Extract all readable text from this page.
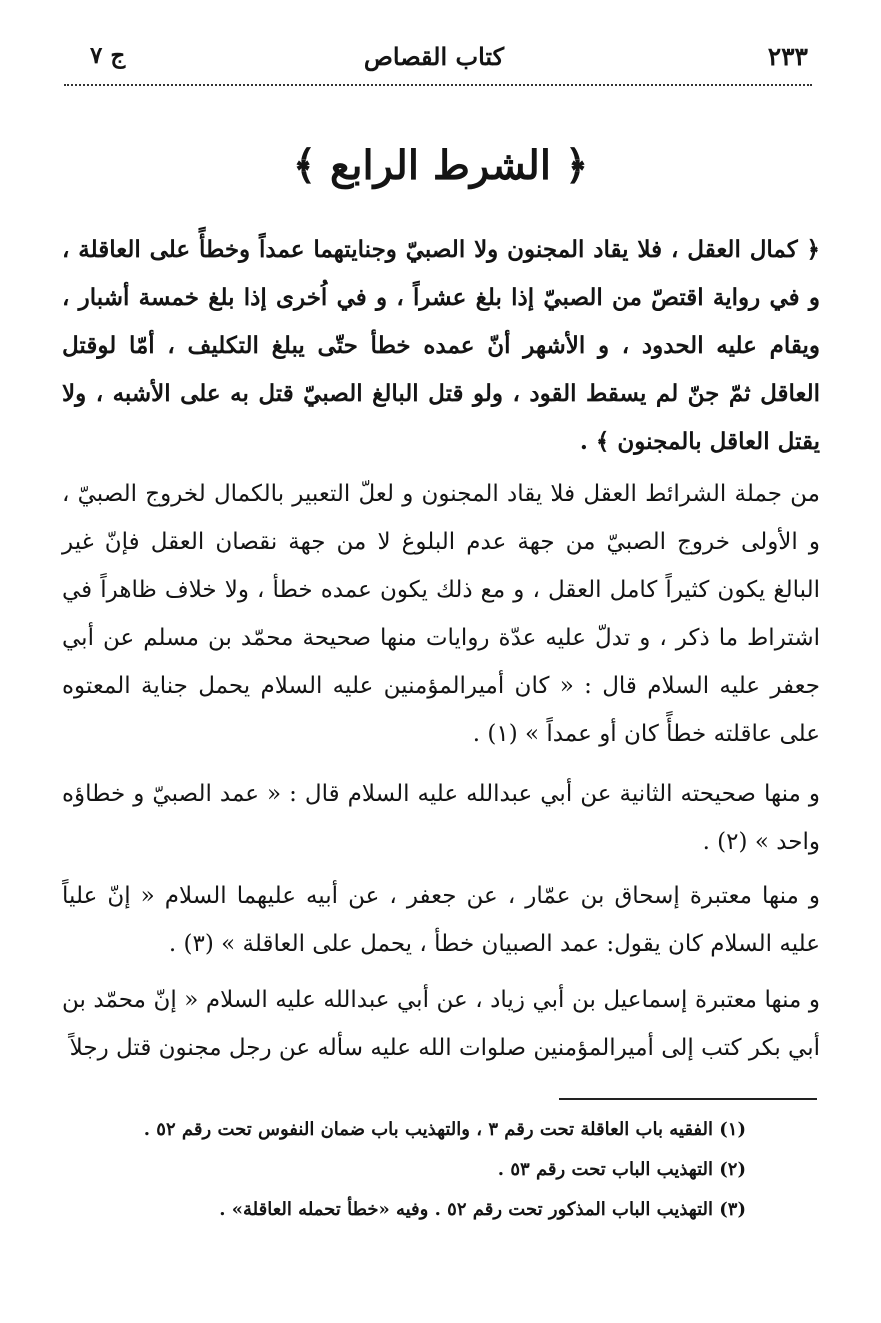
٢٣٣
كتاب القصاص
ج ٧
﴿ الشرط الرابع ﴾

﴿ كمال العقل ، فلا يقاد المجنون ولا الصبيّ وجنايتهما عمداً وخطأً على العاقلة ، و في رواية اقتصّ من الصبيّ إذا بلغ عشراً ، و في اُخرى إذا بلغ خمسة أشبار ، ويقام عليه الحدود ، و الأشهر أنّ عمده خطأ حتّى يبلغ التكليف ، أمّا لوقتل العاقل ثمّ جنّ لم يسقط القود ، ولو قتل البالغ الصبيّ قتل به على الأشبه ، ولا يقتل العاقل بالمجنون ﴾ .

من جملة الشرائط العقل فلا يقاد المجنون و لعلّ التعبير بالكمال لخروج الصبيّ ، و الأولى خروج الصبيّ من جهة عدم البلوغ لا من جهة نقصان العقل فإنّ غير البالغ يكون كثيراً كامل العقل ، و مع ذلك يكون عمده خطأ ، ولا خلاف ظاهراً في اشتراط ما ذكر ، و تدلّ عليه عدّة روايات منها صحيحة محمّد بن مسلم عن أبي جعفر عليه السلام قال : « كان أميرالمؤمنين عليه السلام يحمل جناية المعتوه على عاقلته خطأً كان أو عمداً » (١) .

و منها صحيحته الثانية عن أبي عبدالله عليه السلام قال : « عمد الصبيّ و خطاؤه واحد » (٢) .

و منها معتبرة إسحاق بن عمّار ، عن جعفر ، عن أبيه عليهما السلام « إنّ علياً عليه السلام كان يقول: عمد الصبيان خطأ ، يحمل على العاقلة » (٣) .

و منها معتبرة إسماعيل بن أبي زياد ، عن أبي عبدالله عليه السلام « إنّ محمّد بن أبي بكر كتب إلى أميرالمؤمنين صلوات الله عليه سأله عن رجل مجنون قتل رجلاً

(١) الفقيه باب العاقلة تحت رقم ٣ ، والتهذيب باب ضمان النفوس تحت رقم ٥٢ .
(٢) التهذيب الباب تحت رقم ٥٣ .
(٣) التهذيب الباب المذكور تحت رقم ٥٢ . وفيه «خطأ تحمله العاقلة» .
